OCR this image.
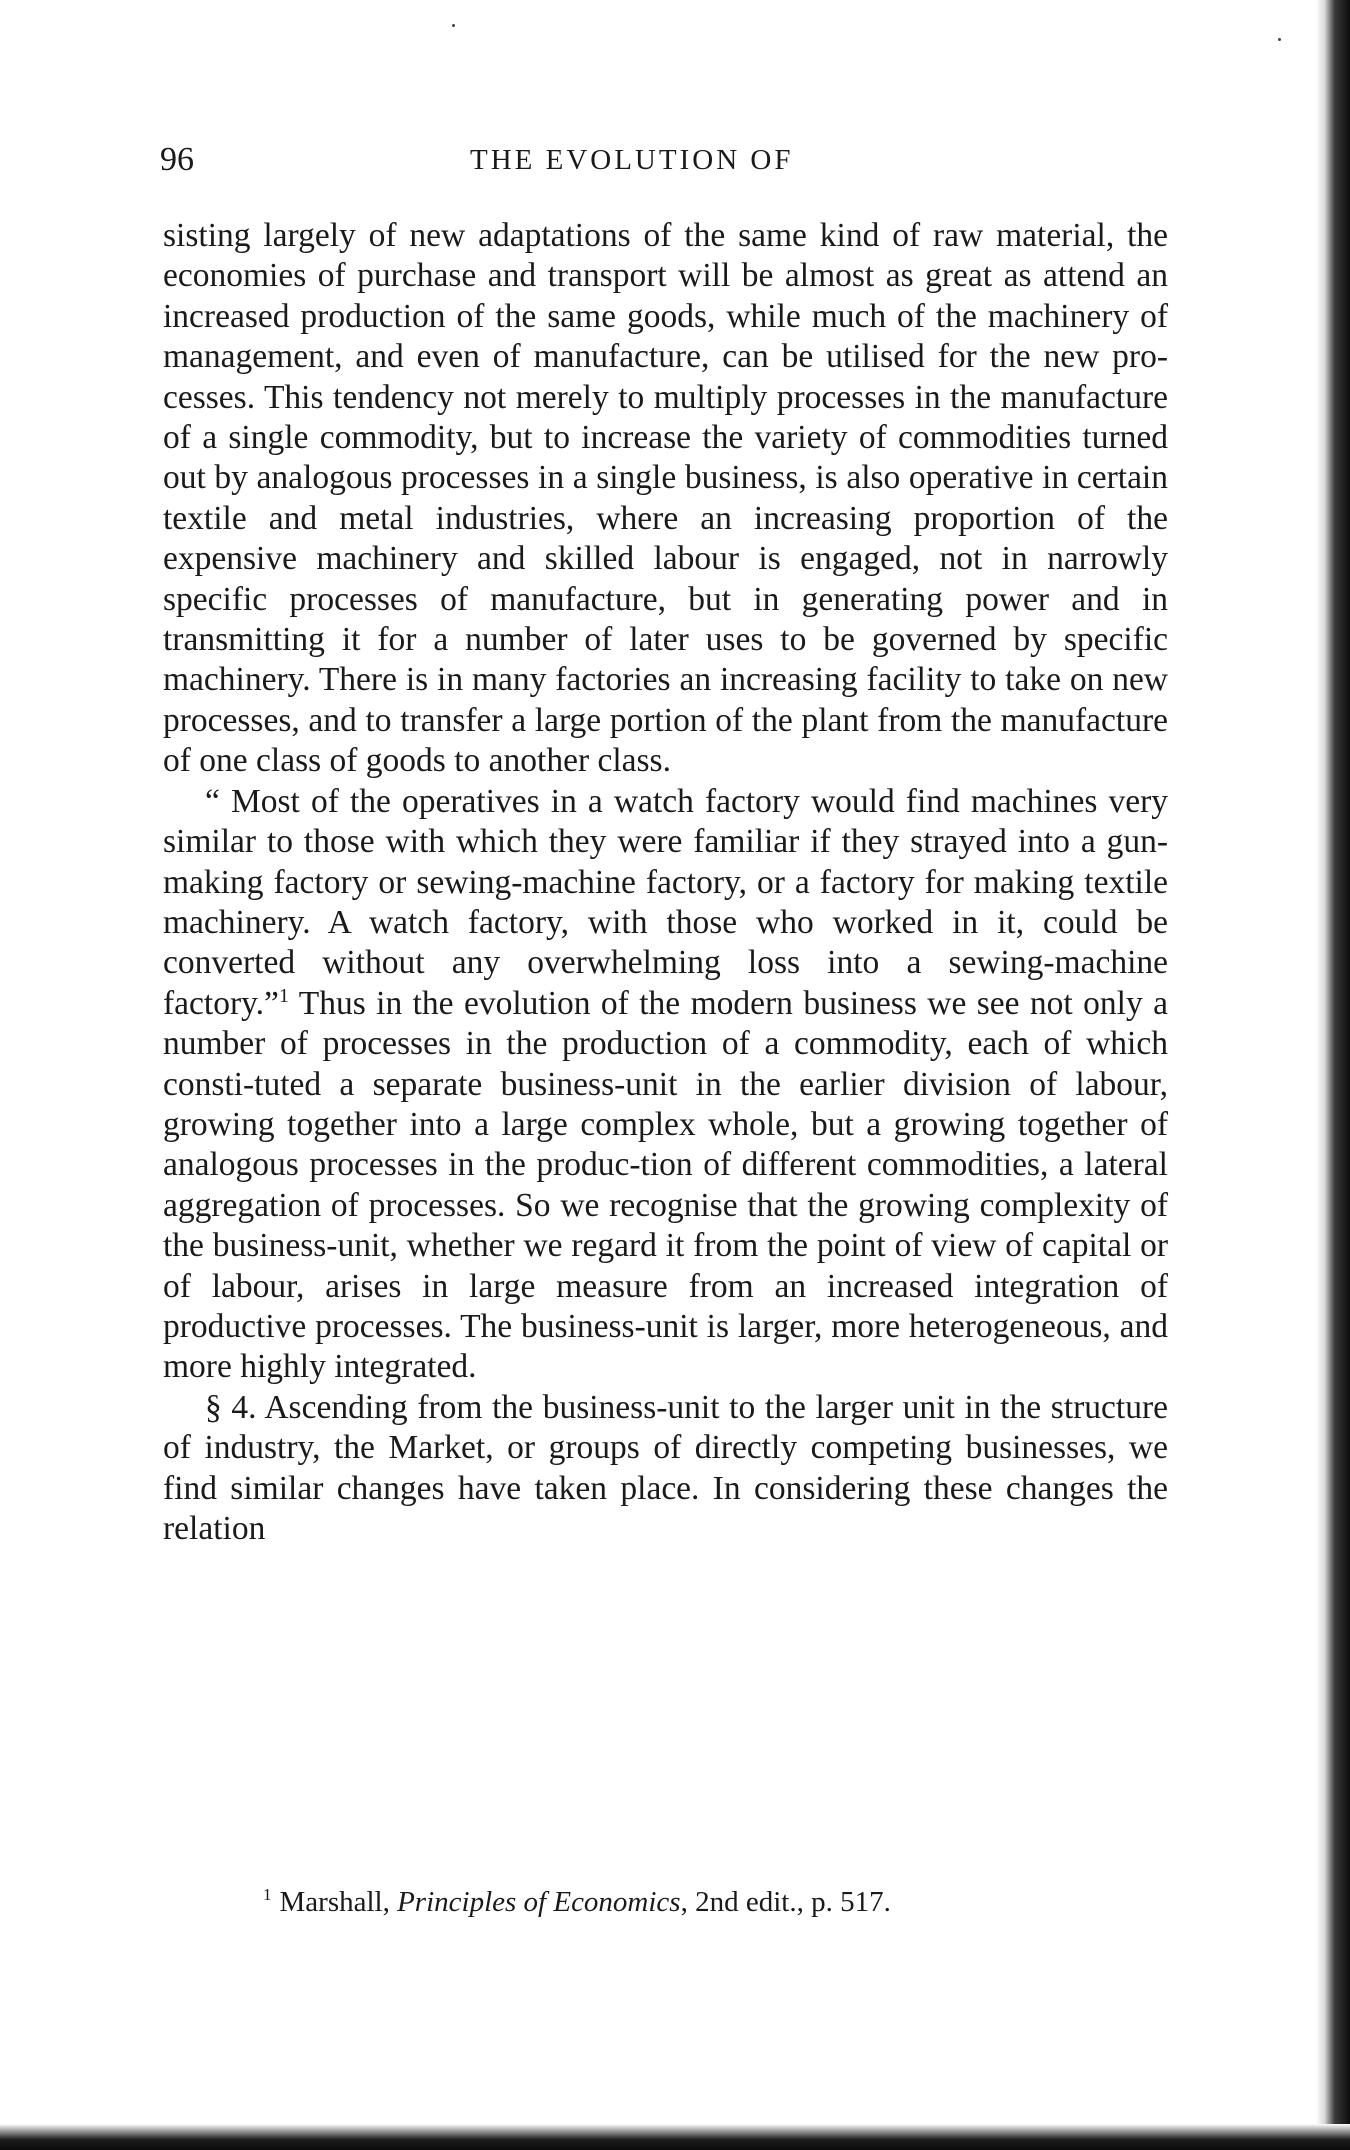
96	THE EVOLUTION OF

sisting largely of new adaptations of the same kind of raw material, the economies of purchase and transport will be almost as great as attend an increased production of the same goods, while much of the machinery of management, and even of manufacture, can be utilised for the new pro-cesses. This tendency not merely to multiply processes in the manufacture of a single commodity, but to increase the variety of commodities turned out by analogous processes in a single business, is also operative in certain textile and metal industries, where an increasing proportion of the expensive machinery and skilled labour is engaged, not in narrowly specific processes of manufacture, but in generating power and in transmitting it for a number of later uses to be governed by specific machinery. There is in many factories an increasing facility to take on new processes, and to transfer a large portion of the plant from the manufacture of one class of goods to another class.

“ Most of the operatives in a watch factory would find machines very similar to those with which they were familiar if they strayed into a gun-making factory or sewing-machine factory, or a factory for making textile machinery. A watch factory, with those who worked in it, could be converted without any overwhelming loss into a sewing-machine factory.”$^1$ Thus in the evolution of the modern business we see not only a number of processes in the production of a commodity, each of which consti-tuted a separate business-unit in the earlier division of labour, growing together into a large complex whole, but a growing together of analogous processes in the produc-tion of different commodities, a lateral aggregation of processes. So we recognise that the growing complexity of the business-unit, whether we regard it from the point of view of capital or of labour, arises in large measure from an increased integration of productive processes. The business-unit is larger, more heterogeneous, and more highly integrated.

§ 4. Ascending from the business-unit to the larger unit in the structure of industry, the Market, or groups of directly competing businesses, we find similar changes have taken place. In considering these changes the relation

$^1$ Marshall, Principles of Economics, 2nd edit., p. 517.
